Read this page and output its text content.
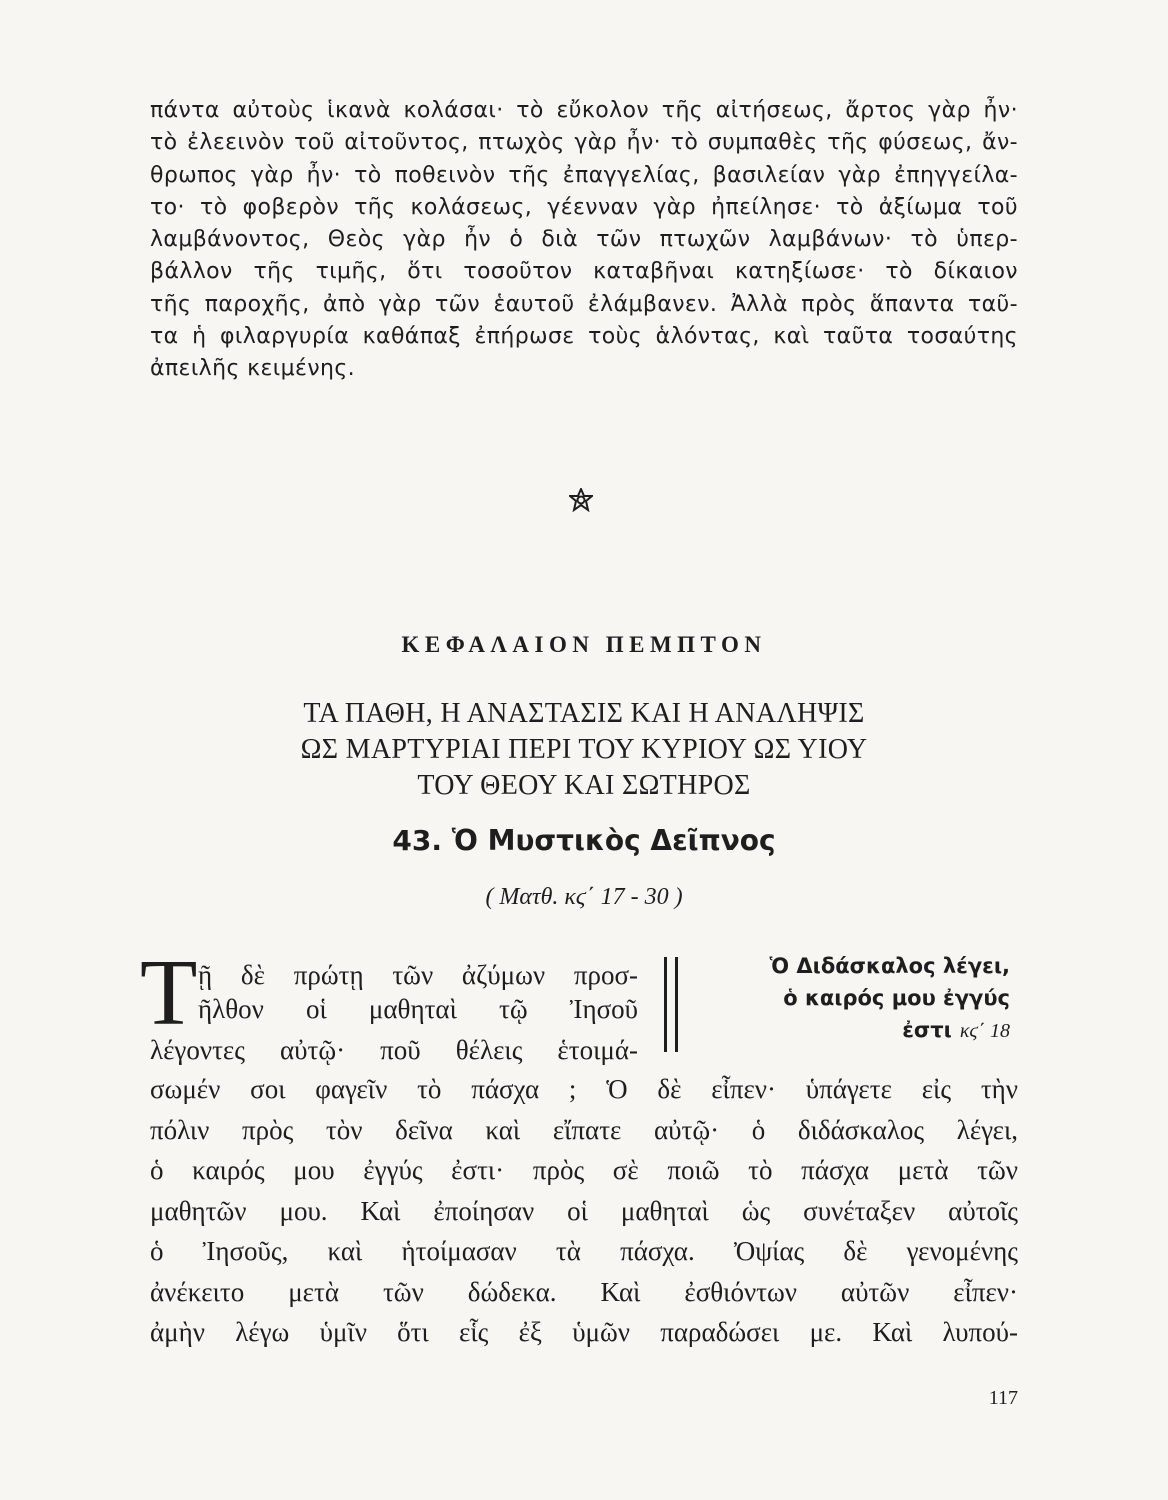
πάντα αὐτοὺς ἱκανὰ κολάσαι· τὸ εὔκολον τῆς αἰτήσεως, ἄρτος γὰρ ἦν·
τὸ ἐλεεινὸν τοῦ αἰτοῦντος, πτωχὸς γὰρ ἦν· τὸ συμπαθὲς τῆς φύσεως, ἄν-
θρωπος γὰρ ἦν· τὸ ποθεινὸν τῆς ἐπαγγελίας, βασιλείαν γὰρ ἐπηγγείλα-
το· τὸ φοβερὸν τῆς κολάσεως, γέενναν γὰρ ἠπείλησε· τὸ ἀξίωμα τοῦ
λαμβάνοντος, Θεὸς γὰρ ἦν ὁ διὰ τῶν πτωχῶν λαμβάνων· τὸ ὑπερ-
βάλλον τῆς τιμῆς, ὅτι τοσοῦτον καταβῆναι κατηξίωσε· τὸ δίκαιον
τῆς παροχῆς, ἀπὸ γὰρ τῶν ἑαυτοῦ ἐλάμβανεν. Ἀλλὰ πρὸς ἅπαντα ταῦ-
τα ἡ φιλαργυρία καθάπαξ ἐπήρωσε τοὺς ἁλόντας, καὶ ταῦτα τοσαύτης
ἀπειλῆς κειμένης.
ΚΕΦΑΛΑΙΟΝ ΠΕΜΠΤΟΝ
ΤΑ ΠΑΘΗ, Η ΑΝΑΣΤΑΣΙΣ ΚΑΙ Η ΑΝΑΛΗΨΙΣ
ΩΣ ΜΑΡΤΥΡΙΑΙ ΠΕΡΙ ΤΟΥ ΚΥΡΙΟΥ ΩΣ ΥΙΟΥ
ΤΟΥ ΘΕΟΥ ΚΑΙ ΣΩΤΗΡΟΣ
43. Ὁ Μυστικὸς Δεῖπνος
( Ματθ. κϛ΄ 17 - 30 )
Τ ῇ δὲ πρώτῃ τῶν ἀζύμων προσ-
ῆλθον οἱ μαθηταὶ τῷ Ἰησοῦ
λέγοντες αὐτῷ· ποῦ θέλεις ἑτοιμά-
σωμέν σοι φαγεῖν τὸ πάσχα ; Ὁ δὲ εἶπεν· ὑπάγετε εἰς τὴν
πόλιν πρὸς τὸν δεῖνα καὶ εἴπατε αὐτῷ· ὁ διδάσκαλος λέγει,
ὁ καιρός μου ἐγγύς ἐστι· πρὸς σὲ ποιῶ τὸ πάσχα μετὰ τῶν
μαθητῶν μου. Καὶ ἐποίησαν οἱ μαθηταὶ ὡς συνέταξεν αὐτοῖς
ὁ Ἰησοῦς, καὶ ἡτοίμασαν τὰ πάσχα. Ὀψίας δὲ γενομένης
ἀνέκειτο μετὰ τῶν δώδεκα. Καὶ ἐσθιόντων αὐτῶν εἶπεν·
ἀμὴν λέγω ὑμῖν ὅτι εἷς ἐξ ὑμῶν παραδώσει με. Καὶ λυπού-
Ὁ Διδάσκαλος λέγει,
ὁ καιρός μου ἐγγύς
ἐστι κϛ΄ 18
117
